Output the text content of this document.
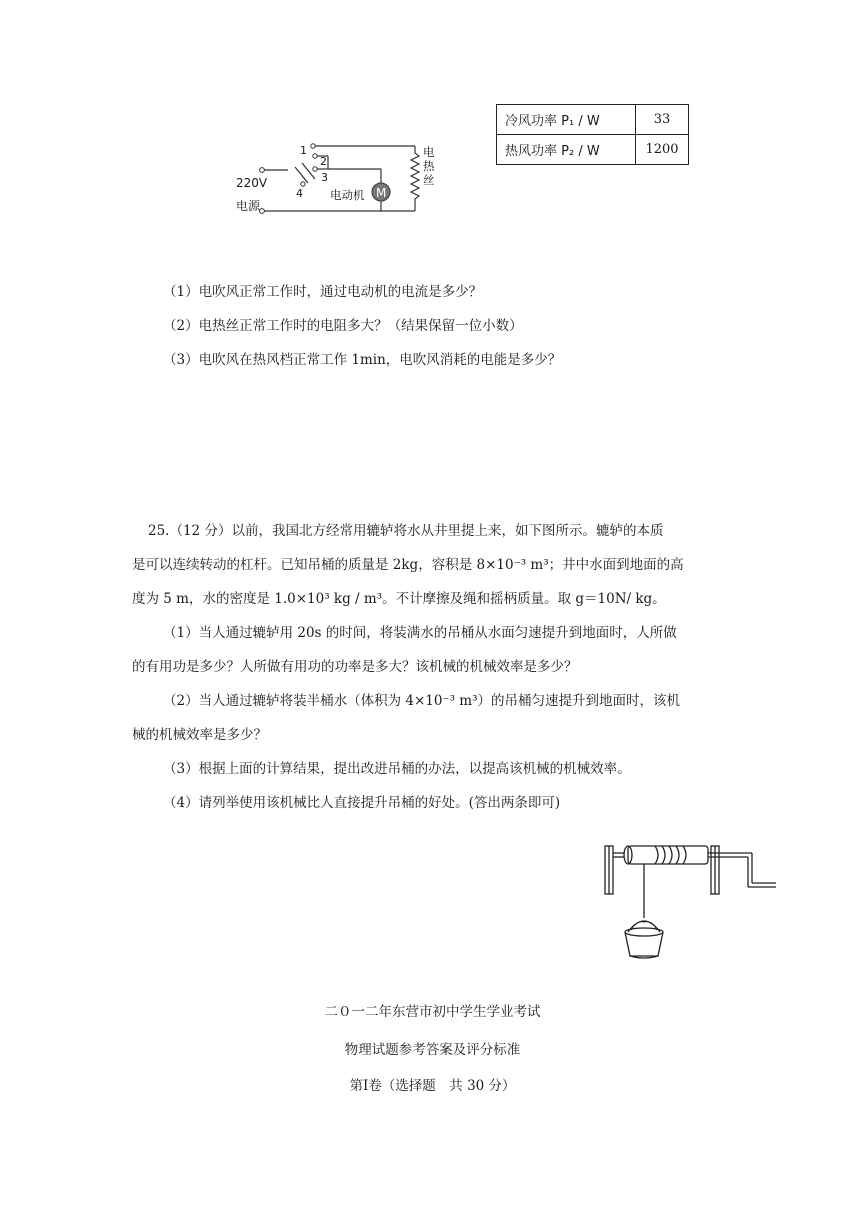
1
2
3
4
220V
电源
电动机 M
电热丝
冷风功率 P₁ / W	33
热风功率 P₂ / W	1200
（1）电吹风正常工作时，通过电动机的电流是多少？
（2）电热丝正常工作时的电阻多大？（结果保留一位小数）
（3）电吹风在热风档正常工作 1min，电吹风消耗的电能是多少？
25.（12 分）以前，我国北方经常用辘轳将水从井里提上来，如下图所示。辘轳的本质
是可以连续转动的杠杆。已知吊桶的质量是 2kg，容积是 8×10⁻³ m³；井中水面到地面的高
度为 5 m，水的密度是 1.0×10³ kg / m³。不计摩擦及绳和摇柄质量。取 g＝10N/ kg。
（1）当人通过辘轳用 20s 的时间，将装满水的吊桶从水面匀速提升到地面时，人所做
的有用功是多少？人所做有用功的功率是多大？该机械的机械效率是多少？
（2）当人通过辘轳将装半桶水（体积为 4×10⁻³ m³）的吊桶匀速提升到地面时，该机
械的机械效率是多少？
（3）根据上面的计算结果，提出改进吊桶的办法，以提高该机械的机械效率。
（4）请列举使用该机械比人直接提升吊桶的好处。(答出两条即可)
二０一二年东营市初中学生学业考试
物理试题参考答案及评分标准
第Ⅰ卷（选择题　共 30 分）
